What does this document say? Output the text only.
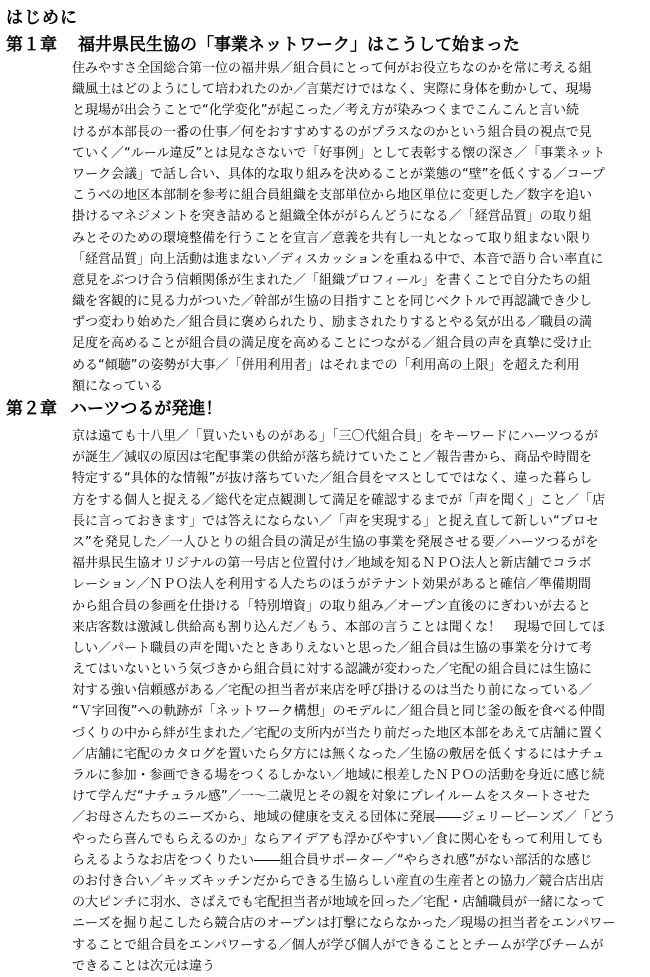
はじめに
第１章 福井県民生協の「事業ネットワーク」はこうして始まった
住みやすさ全国総合第一位の福井県／組合員にとって何がお役立ちなのかを常に考える組
織風土はどのようにして培われたのか／言葉だけではなく、実際に身体を動かして、現場
と現場が出会うことで“化学変化”が起こった／考え方が染みつくまでこんこんと言い続
けるが本部長の一番の仕事／何をおすすめするのがプラスなのかという組合員の視点で見
ていく／“ルール違反”とは見なさないで「好事例」として表彰する懐の深さ／「事業ネット
ワーク会議」で話し合い、具体的な取り組みを決めることが業態の“壁”を低くする／コープ
こうべの地区本部制を参考に組合員組織を支部単位から地区単位に変更した／数字を追い
掛けるマネジメントを突き詰めると組織全体ががらんどうになる／「経営品質」の取り組
みとそのための環境整備を行うことを宣言／意義を共有し一丸となって取り組まない限り
「経営品質」向上活動は進まない／ディスカッションを重ねる中で、本音で語り合い率直に
意見をぶつけ合う信頼関係が生まれた／「組織プロフィール」を書くことで自分たちの組
織を客観的に見る力がついた／幹部が生協の目指すことを同じベクトルで再認識でき少し
ずつ変わり始めた／組合員に褒められたり、励まされたりするとやる気が出る／職員の満
足度を高めることが組合員の満足度を高めることにつながる／組合員の声を真摯に受け止
める“傾聴”の姿勢が大事／「併用利用者」はそれまでの「利用高の上限」を超えた利用
額になっている
第２章 ハーツつるが発進！
京は遠ても十八里／「買いたいものがある」「三〇代組合員」をキーワードにハーツつるが
が誕生／減収の原因は宅配事業の供給が落ち続けていたこと／報告書から、商品や時間を
特定する“具体的な情報”が抜け落ちていた／組合員をマスとしてではなく、違った暮らし
方をする個人と捉える／総代を定点観測して満足を確認するまでが「声を聞く」こと／「店
長に言っておきます」では答えにならない／「声を実現する」と捉え直して新しい“プロセ
ス”を発見した／一人ひとりの組合員の満足が生協の事業を発展させる要／ハーツつるがを
福井県民生協オリジナルの第一号店と位置付け／地域を知るＮＰＯ法人と新店舗でコラボ
レーション／ＮＰＯ法人を利用する人たちのほうがテナント効果があると確信／準備期間
から組合員の参画を仕掛ける「特別増資」の取り組み／オープン直後のにぎわいが去ると
来店客数は激減し供給高も割り込んだ／もう、本部の言うことは聞くな！　現場で回してほ
しい／パート職員の声を聞いたときありえないと思った／組合員は生協の事業を分けて考
えてはいないという気づきから組合員に対する認識が変わった／宅配の組合員には生協に
対する強い信頼感がある／宅配の担当者が来店を呼び掛けるのは当たり前になっている／
“Ｖ字回復”への軌跡が「ネットワーク構想」のモデルに／組合員と同じ釜の飯を食べる仲間
づくりの中から絆が生まれた／宅配の支所内が当たり前だった地区本部をあえて店舗に置く
／店舗に宅配のカタログを置いたら夕方には無くなった／生協の敷居を低くするにはナチュ
ラルに参加・参画できる場をつくるしかない／地域に根差したＮＰＯの活動を身近に感じ続
けて学んだ“ナチュラル感”／一～二歳児とその親を対象にプレイルームをスタートさせた
／お母さんたちのニーズから、地域の健康を支える団体に発展――ジェリービーンズ／「どう
やったら喜んでもらえるのか」ならアイデアも浮かびやすい／食に関心をもって利用しても
らえるようなお店をつくりたい――組合員サポーター／“やらされ感”がない部活的な感じ
のお付き合い／キッズキッチンだからできる生協らしい産直の生産者との協力／競合店出店
の大ピンチに羽水、さばえでも宅配担当者が地域を回った／宅配・店舗職員が一緒になって
ニーズを掘り起こしたら競合店のオープンは打撃にならなかった／現場の担当者をエンパワー
することで組合員をエンパワーする／個人が学び個人ができることとチームが学びチームが
できることは次元は違う
